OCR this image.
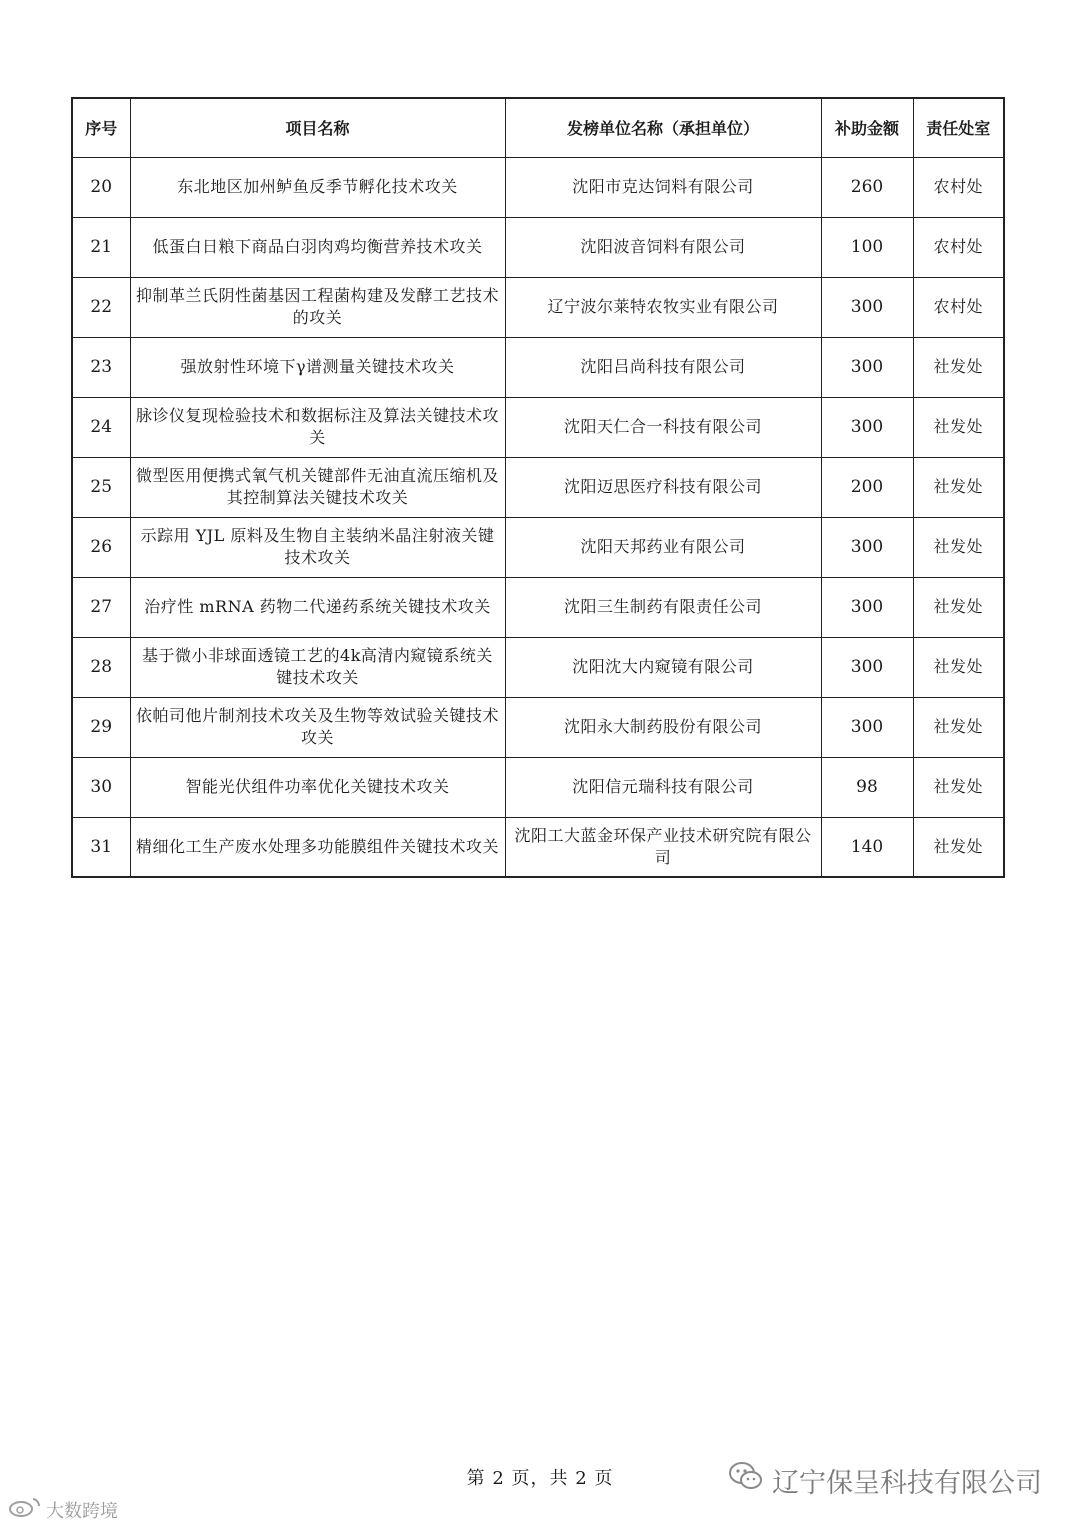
序号	项目名称	发榜单位名称（承担单位）	补助金额	责任处室
20	东北地区加州鲈鱼反季节孵化技术攻关	沈阳市克达饲料有限公司	260	农村处
21	低蛋白日粮下商品白羽肉鸡均衡营养技术攻关	沈阳波音饲料有限公司	100	农村处
22	抑制革兰氏阴性菌基因工程菌构建及发酵工艺技术的攻关	辽宁波尔莱特农牧实业有限公司	300	农村处
23	强放射性环境下γ谱测量关键技术攻关	沈阳吕尚科技有限公司	300	社发处
24	脉诊仪复现检验技术和数据标注及算法关键技术攻关	沈阳天仁合一科技有限公司	300	社发处
25	微型医用便携式氧气机关键部件无油直流压缩机及其控制算法关键技术攻关	沈阳迈思医疗科技有限公司	200	社发处
26	示踪用 YJL 原料及生物自主装纳米晶注射液关键技术攻关	沈阳天邦药业有限公司	300	社发处
27	治疗性 mRNA 药物二代递药系统关键技术攻关	沈阳三生制药有限责任公司	300	社发处
28	基于微小非球面透镜工艺的4k高清内窥镜系统关键技术攻关	沈阳沈大内窥镜有限公司	300	社发处
29	依帕司他片制剂技术攻关及生物等效试验关键技术攻关	沈阳永大制药股份有限公司	300	社发处
30	智能光伏组件功率优化关键技术攻关	沈阳信元瑞科技有限公司	98	社发处
31	精细化工生产废水处理多功能膜组件关键技术攻关	沈阳工大蓝金环保产业技术研究院有限公司	140	社发处
第 2 页，共 2 页	辽宁保呈科技有限公司
大数跨境
